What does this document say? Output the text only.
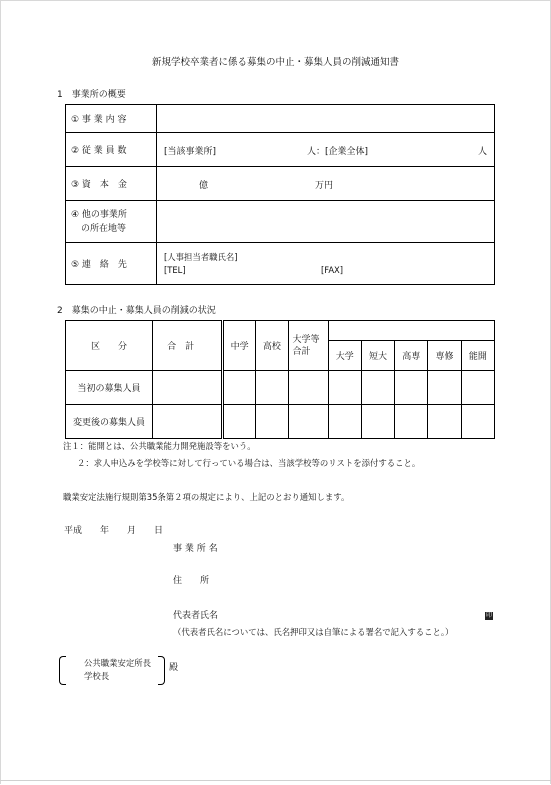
新規学校卒業者に係る募集の中止・募集人員の削減通知書
1　事業所の概要
① 事 業 内 容	
② 従 業 員 数	[当該事業所] 人：[企業全体] 人

③ 資　本　金	億 万円

④ 他の事業所
の所在地等	

⑤ 連　絡　先	[人事担当者職氏名]
[TEL] [FAX]
2　募集の中止・募集人員の削減の状況
区　　分	合　計	中学	高校	大学等
合計					

					大学	短大	高専	専修	能開
当初の募集人員									
変更後の募集人員									
注１：能開とは、公共職業能力開発施設等をいう。
２：求人申込みを学校等に対して行っている場合は、当該学校等のリストを添付すること。
職業安定法施行規則第35条第２項の規定により、上記のとおり通知します。
平成　　年　　月　　日
事 業 所 名
住　　所
代表者氏名	印
（代表者氏名については、氏名押印又は自筆による署名で記入すること。）
公共職業安定所長
学校長
殿
